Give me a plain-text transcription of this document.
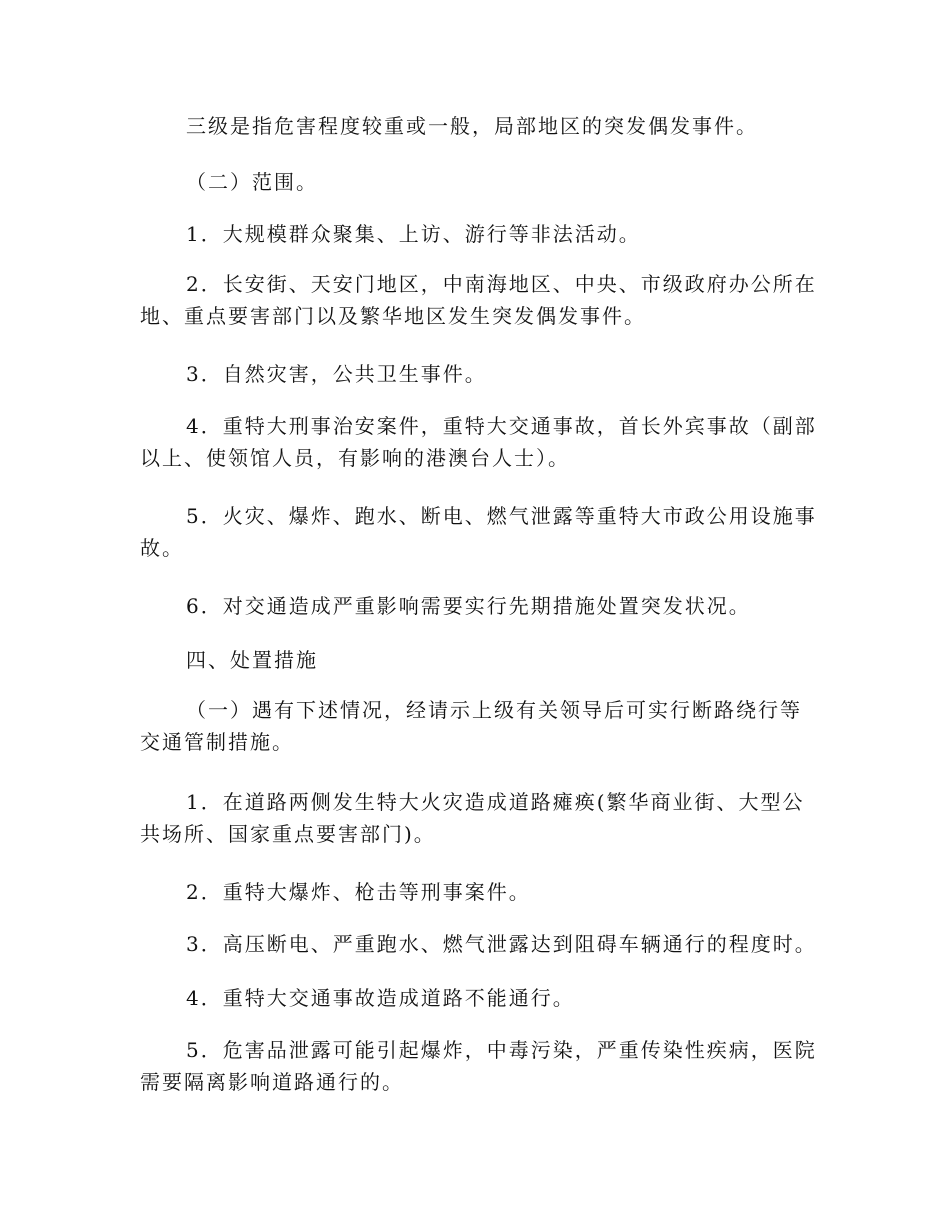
三级是指危害程度较重或一般，局部地区的突发偶发事件。

（二）范围。

1．大规模群众聚集、上访、游行等非法活动。

2．长安街、天安门地区，中南海地区、中央、市级政府办公所在地、重点要害部门以及繁华地区发生突发偶发事件。

3．自然灾害，公共卫生事件。

4．重特大刑事治安案件，重特大交通事故，首长外宾事故（副部以上、使领馆人员，有影响的港澳台人士）。

5．火灾、爆炸、跑水、断电、燃气泄露等重特大市政公用设施事故。

6．对交通造成严重影响需要实行先期措施处置突发状况。

四、处置措施

（一）遇有下述情况，经请示上级有关领导后可实行断路绕行等交通管制措施。

1．在道路两侧发生特大火灾造成道路瘫痪(繁华商业街、大型公共场所、国家重点要害部门)。

2．重特大爆炸、枪击等刑事案件。

3．高压断电、严重跑水、燃气泄露达到阻碍车辆通行的程度时。

4．重特大交通事故造成道路不能通行。

5．危害品泄露可能引起爆炸，中毒污染，严重传染性疾病，医院需要隔离影响道路通行的。
